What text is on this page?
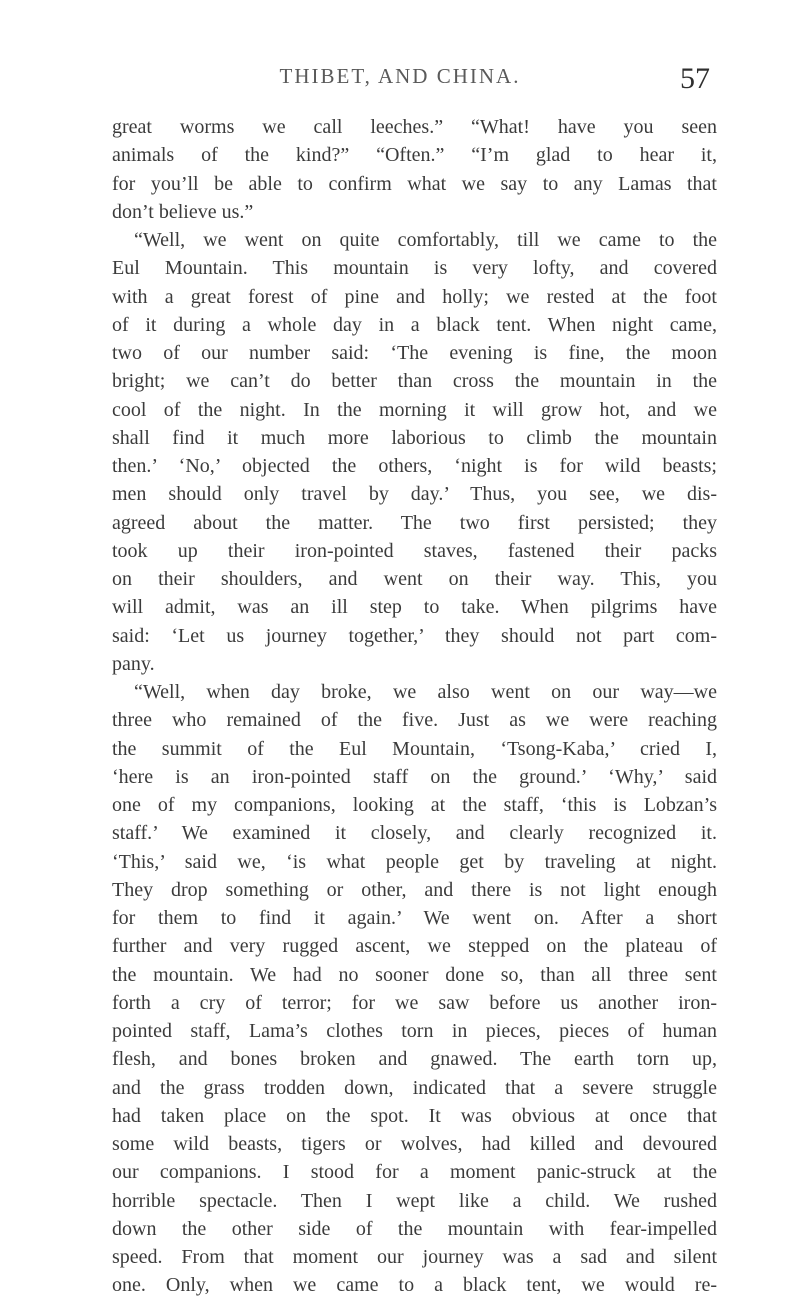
THIBET, AND CHINA.	57
great worms we call leeches.” “What! have you seen
animals of the kind?” “Often.” “I’m glad to hear it,
for you’ll be able to confirm what we say to any Lamas that
don’t believe us.”
“Well, we went on quite comfortably, till we came to the
Eul Mountain. This mountain is very lofty, and covered
with a great forest of pine and holly; we rested at the foot
of it during a whole day in a black tent. When night came,
two of our number said: ‘The evening is fine, the moon
bright; we can’t do better than cross the mountain in the
cool of the night. In the morning it will grow hot, and we
shall find it much more laborious to climb the mountain
then.’ ‘No,’ objected the others, ‘night is for wild beasts;
men should only travel by day.’ Thus, you see, we dis-
agreed about the matter. The two first persisted; they
took up their iron-pointed staves, fastened their packs
on their shoulders, and went on their way. This, you
will admit, was an ill step to take. When pilgrims have
said: ‘Let us journey together,’ they should not part com-
pany.
“Well, when day broke, we also went on our way—we
three who remained of the five. Just as we were reaching
the summit of the Eul Mountain, ‘Tsong-Kaba,’ cried I,
‘here is an iron-pointed staff on the ground.’ ‘Why,’ said
one of my companions, looking at the staff, ‘this is Lobzan’s
staff.’ We examined it closely, and clearly recognized it.
‘This,’ said we, ‘is what people get by traveling at night.
They drop something or other, and there is not light enough
for them to find it again.’ We went on. After a short
further and very rugged ascent, we stepped on the plateau of
the mountain. We had no sooner done so, than all three sent
forth a cry of terror; for we saw before us another iron-
pointed staff, Lama’s clothes torn in pieces, pieces of human
flesh, and bones broken and gnawed. The earth torn up,
and the grass trodden down, indicated that a severe struggle
had taken place on the spot. It was obvious at once that
some wild beasts, tigers or wolves, had killed and devoured
our companions. I stood for a moment panic-struck at the
horrible spectacle. Then I wept like a child. We rushed
down the other side of the mountain with fear-impelled
speed. From that moment our journey was a sad and silent
one. Only, when we came to a black tent, we would re-
